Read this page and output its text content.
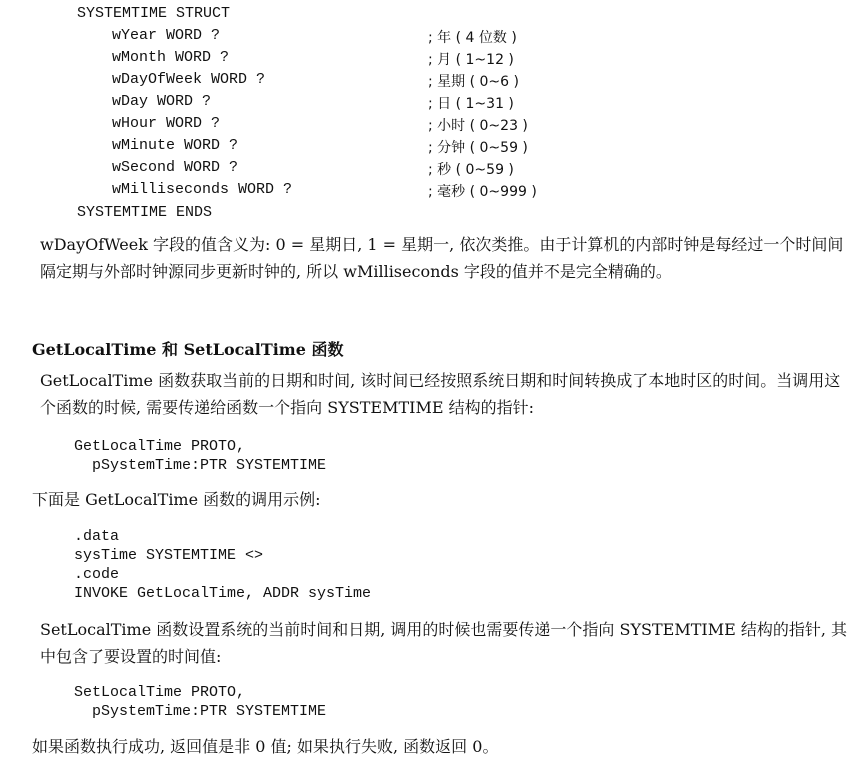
SYSTEMTIME STRUCT
wYear WORD ?	; 年 ( 4 位数 )
wMonth WORD ?	; 月 ( 1~12 )
wDayOfWeek WORD ?	; 星期 ( 0~6 )
wDay WORD ?	; 日 ( 1~31 )
wHour WORD ?	; 小时 ( 0~23 )
wMinute WORD ?	; 分钟 ( 0~59 )
wSecond WORD ?	; 秒 ( 0~59 )
wMilliseconds WORD ?	; 毫秒 ( 0~999 )
SYSTEMTIME ENDS

wDayOfWeek 字段的值含义为: 0 = 星期日, 1 = 星期一, 依次类推。由于计算机的内部时钟是每经过一个时间间隔定期与外部时钟源同步更新时钟的, 所以 wMilliseconds 字段的值并不是完全精确的。

GetLocalTime 和 SetLocalTime 函数

GetLocalTime 函数获取当前的日期和时间, 该时间已经按照系统日期和时间转换成了本地时区的时间。当调用这个函数的时候, 需要传递给函数一个指向 SYSTEMTIME 结构的指针:

GetLocalTime PROTO,
pSystemTime:PTR SYSTEMTIME

下面是 GetLocalTime 函数的调用示例:

.data
sysTime SYSTEMTIME <>
.code
INVOKE GetLocalTime, ADDR sysTime

SetLocalTime 函数设置系统的当前时间和日期, 调用的时候也需要传递一个指向 SYSTEMTIME 结构的指针, 其中包含了要设置的时间值:

SetLocalTime PROTO,
pSystemTime:PTR SYSTEMTIME

如果函数执行成功, 返回值是非 0 值; 如果执行失败, 函数返回 0。
